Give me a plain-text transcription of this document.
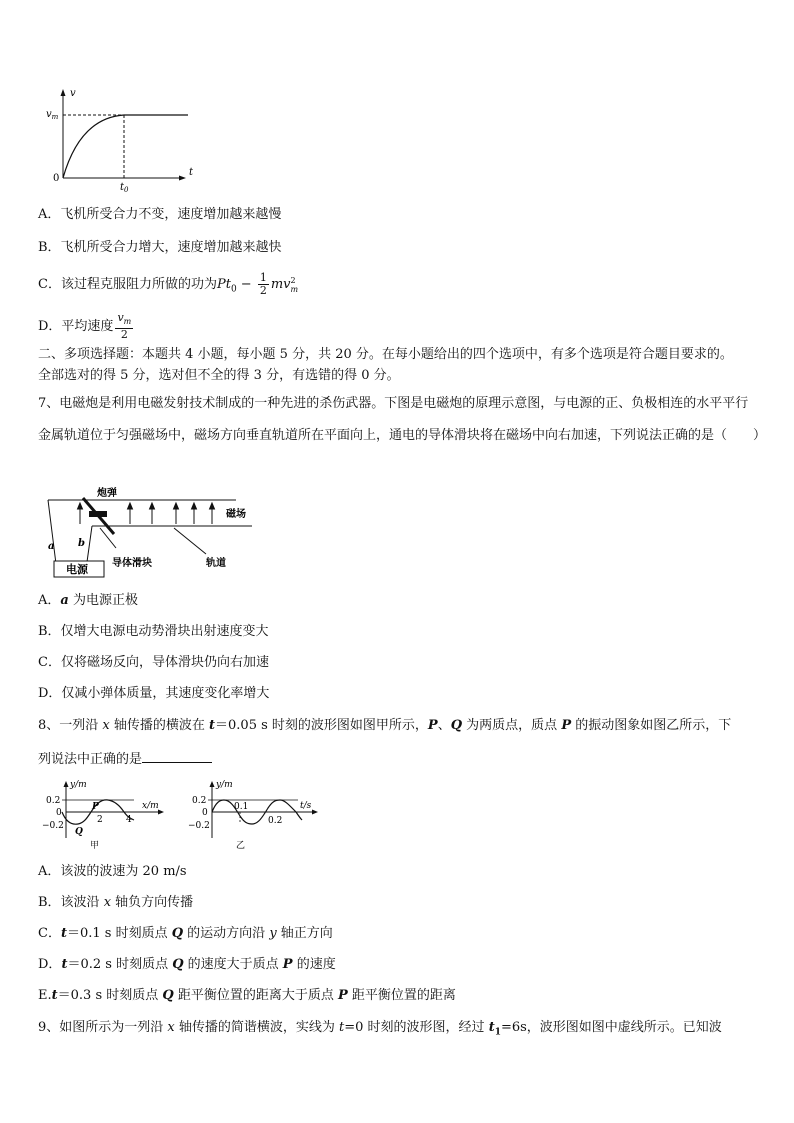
v
$v_m$
0
t
$t_0$
A．飞机所受合力不变，速度增加越来越慢
B．飞机所受合力增大，速度增加越来越快
C．该过程克服阻力所做的功为$Pt_0 - \frac{1}{2}$ mv 2
m
D．平均速度 $\frac{v_m}{2}$
二、多项选择题：本题共 4 小题，每小题 5 分，共 20 分。在每小题给出的四个选项中，有多个选项是符合题目要求的。
全部选对的得 5 分，选对但不全的得 3 分，有选错的得 0 分。
7、电磁炮是利用电磁发射技术制成的一种先进的杀伤武器。下图是电磁炮的原理示意图，与电源的正、负极相连的水平平行金属轨道位于匀强磁场中，磁场方向垂直轨道所在平面向上，通电的导体滑块将在磁场中向右加速，下列说法正确的是（　　）
电源
a b
炮弹
磁场
导体滑块	轨道
A．a 为电源正极
B．仅增大电源电动势滑块出射速度变大
C．仅将磁场反向，导体滑块仍向右加速
D．仅减小弹体质量，其速度变化率增大
8、一列沿 x 轴传播的横波在 t＝0.05 s 时刻的波形图如图甲所示，P、Q 为两质点，质点 P 的振动图象如图乙所示，下
列说法中正确的是
y/m
0.2
0
−0.2
x/m
P
Q
2	4
甲
y/m
0.2
0
−0.2
t/s
0.1
0.2
乙
A．该波的波速为 20 m/s
B．该波沿 x 轴负方向传播
C．t＝0.1 s 时刻质点 Q 的运动方向沿 y 轴正方向
D．t＝0.2 s 时刻质点 Q 的速度大于质点 P 的速度
E.t＝0.3 s 时刻质点 Q 距平衡位置的距离大于质点 P 距平衡位置的距离
9、如图所示为一列沿 x 轴传播的简谐横波，实线为 t=0 时刻的波形图，经过 $t_1=6s$，波形图如图中虚线所示。已知波
